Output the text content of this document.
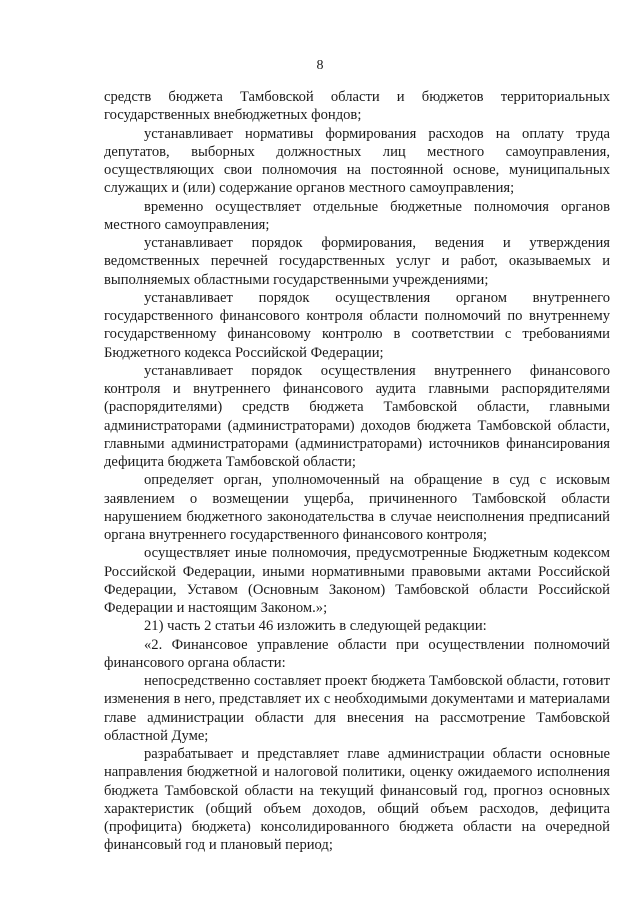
8

средств бюджета Тамбовской области и бюджетов территориальных государственных внебюджетных фондов;

устанавливает нормативы формирования расходов на оплату труда депутатов, выборных должностных лиц местного самоуправления, осуществляющих свои полномочия на постоянной основе, муниципальных служащих и (или) содержание органов местного самоуправления;

временно осуществляет отдельные бюджетные полномочия органов местного самоуправления;

устанавливает порядок формирования, ведения и утверждения ведомственных перечней государственных услуг и работ, оказываемых и выполняемых областными государственными учреждениями;

устанавливает порядок осуществления органом внутреннего государственного финансового контроля области полномочий по внутреннему государственному финансовому контролю в соответствии с требованиями Бюджетного кодекса Российской Федерации;

устанавливает порядок осуществления внутреннего финансового контроля и внутреннего финансового аудита главными распорядителями (распорядителями) средств бюджета Тамбовской области, главными администраторами (администраторами) доходов бюджета Тамбовской области, главными администраторами (администраторами) источников финансирования дефицита бюджета Тамбовской области;

определяет орган, уполномоченный на обращение в суд с исковым заявлением о возмещении ущерба, причиненного Тамбовской области нарушением бюджетного законодательства в случае неисполнения предписаний органа внутреннего государственного финансового контроля;

осуществляет иные полномочия, предусмотренные Бюджетным кодексом Российской Федерации, иными нормативными правовыми актами Российской Федерации, Уставом (Основным Законом) Тамбовской области Российской Федерации и настоящим Законом.»;

21) часть 2 статьи 46 изложить в следующей редакции:

«2. Финансовое управление области при осуществлении полномочий финансового органа области:

непосредственно составляет проект бюджета Тамбовской области, готовит изменения в него, представляет их с необходимыми документами и материалами главе администрации области для внесения на рассмотрение Тамбовской областной Думе;

разрабатывает и представляет главе администрации области основные направления бюджетной и налоговой политики, оценку ожидаемого исполнения бюджета Тамбовской области на текущий финансовый год, прогноз основных характеристик (общий объем доходов, общий объем расходов, дефицита (профицита) бюджета) консолидированного бюджета области на очередной финансовый год и плановый период;
